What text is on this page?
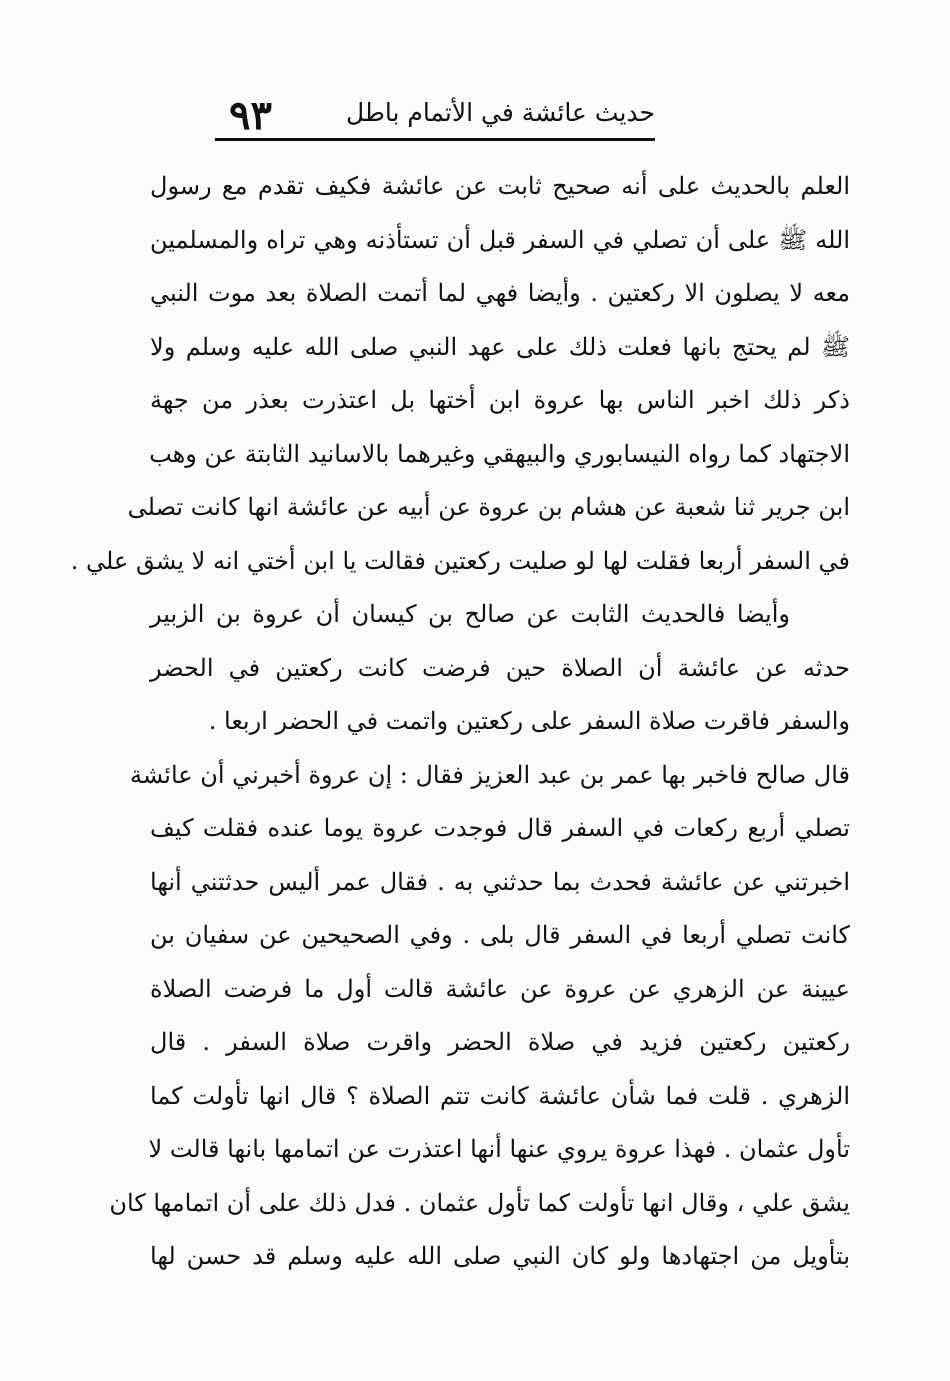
٩٣	حديث عائشة في الأتمام باطل
العلم بالحديث على أنه صحيح ثابت عن عائشة فكيف تقدم مع رسول
الله ﷺ على أن تصلي في السفر قبل أن تستأذنه وهي تراه والمسلمين
معه لا يصلون الا ركعتين . وأيضا فهي لما أتمت الصلاة بعد موت النبي
ﷺ لم يحتج بانها فعلت ذلك على عهد النبي صلى الله عليه وسلم ولا
ذكر ذلك اخبر الناس بها عروة ابن أختها بل اعتذرت بعذر من جهة
الاجتهاد كما رواه النيسابوري والبيهقي وغيرهما بالاسانيد الثابتة عن وهب
ابن جرير ثنا شعبة عن هشام بن عروة عن أبيه عن عائشة انها كانت تصلى
في السفر أربعا فقلت لها لو صليت ركعتين فقالت يا ابن أختي انه لا يشق علي .
وأيضا فالحديث الثابت عن صالح بن كيسان أن عروة بن الزبير
حدثه عن عائشة أن الصلاة حين فرضت كانت ركعتين في الحضر
والسفر فاقرت صلاة السفر على ركعتين واتمت في الحضر اربعا .
قال صالح فاخبر بها عمر بن عبد العزيز فقال : إن عروة أخبرني أن عائشة
تصلي أربع ركعات في السفر قال فوجدت عروة يوما عنده فقلت كيف
اخبرتني عن عائشة فحدث بما حدثني به . فقال عمر أليس حدثتني أنها
كانت تصلي أربعا في السفر قال بلى . وفي الصحيحين عن سفيان بن
عيينة عن الزهري عن عروة عن عائشة قالت أول ما فرضت الصلاة
ركعتين ركعتين فزيد في صلاة الحضر واقرت صلاة السفر . قال
الزهري . قلت فما شأن عائشة كانت تتم الصلاة ؟ قال انها تأولت كما
تأول عثمان . فهذا عروة يروي عنها أنها اعتذرت عن اتمامها بانها قالت لا
يشق علي ، وقال انها تأولت كما تأول عثمان . فدل ذلك على أن اتمامها كان
بتأويل من اجتهادها ولو كان النبي صلى الله عليه وسلم قد حسن لها
